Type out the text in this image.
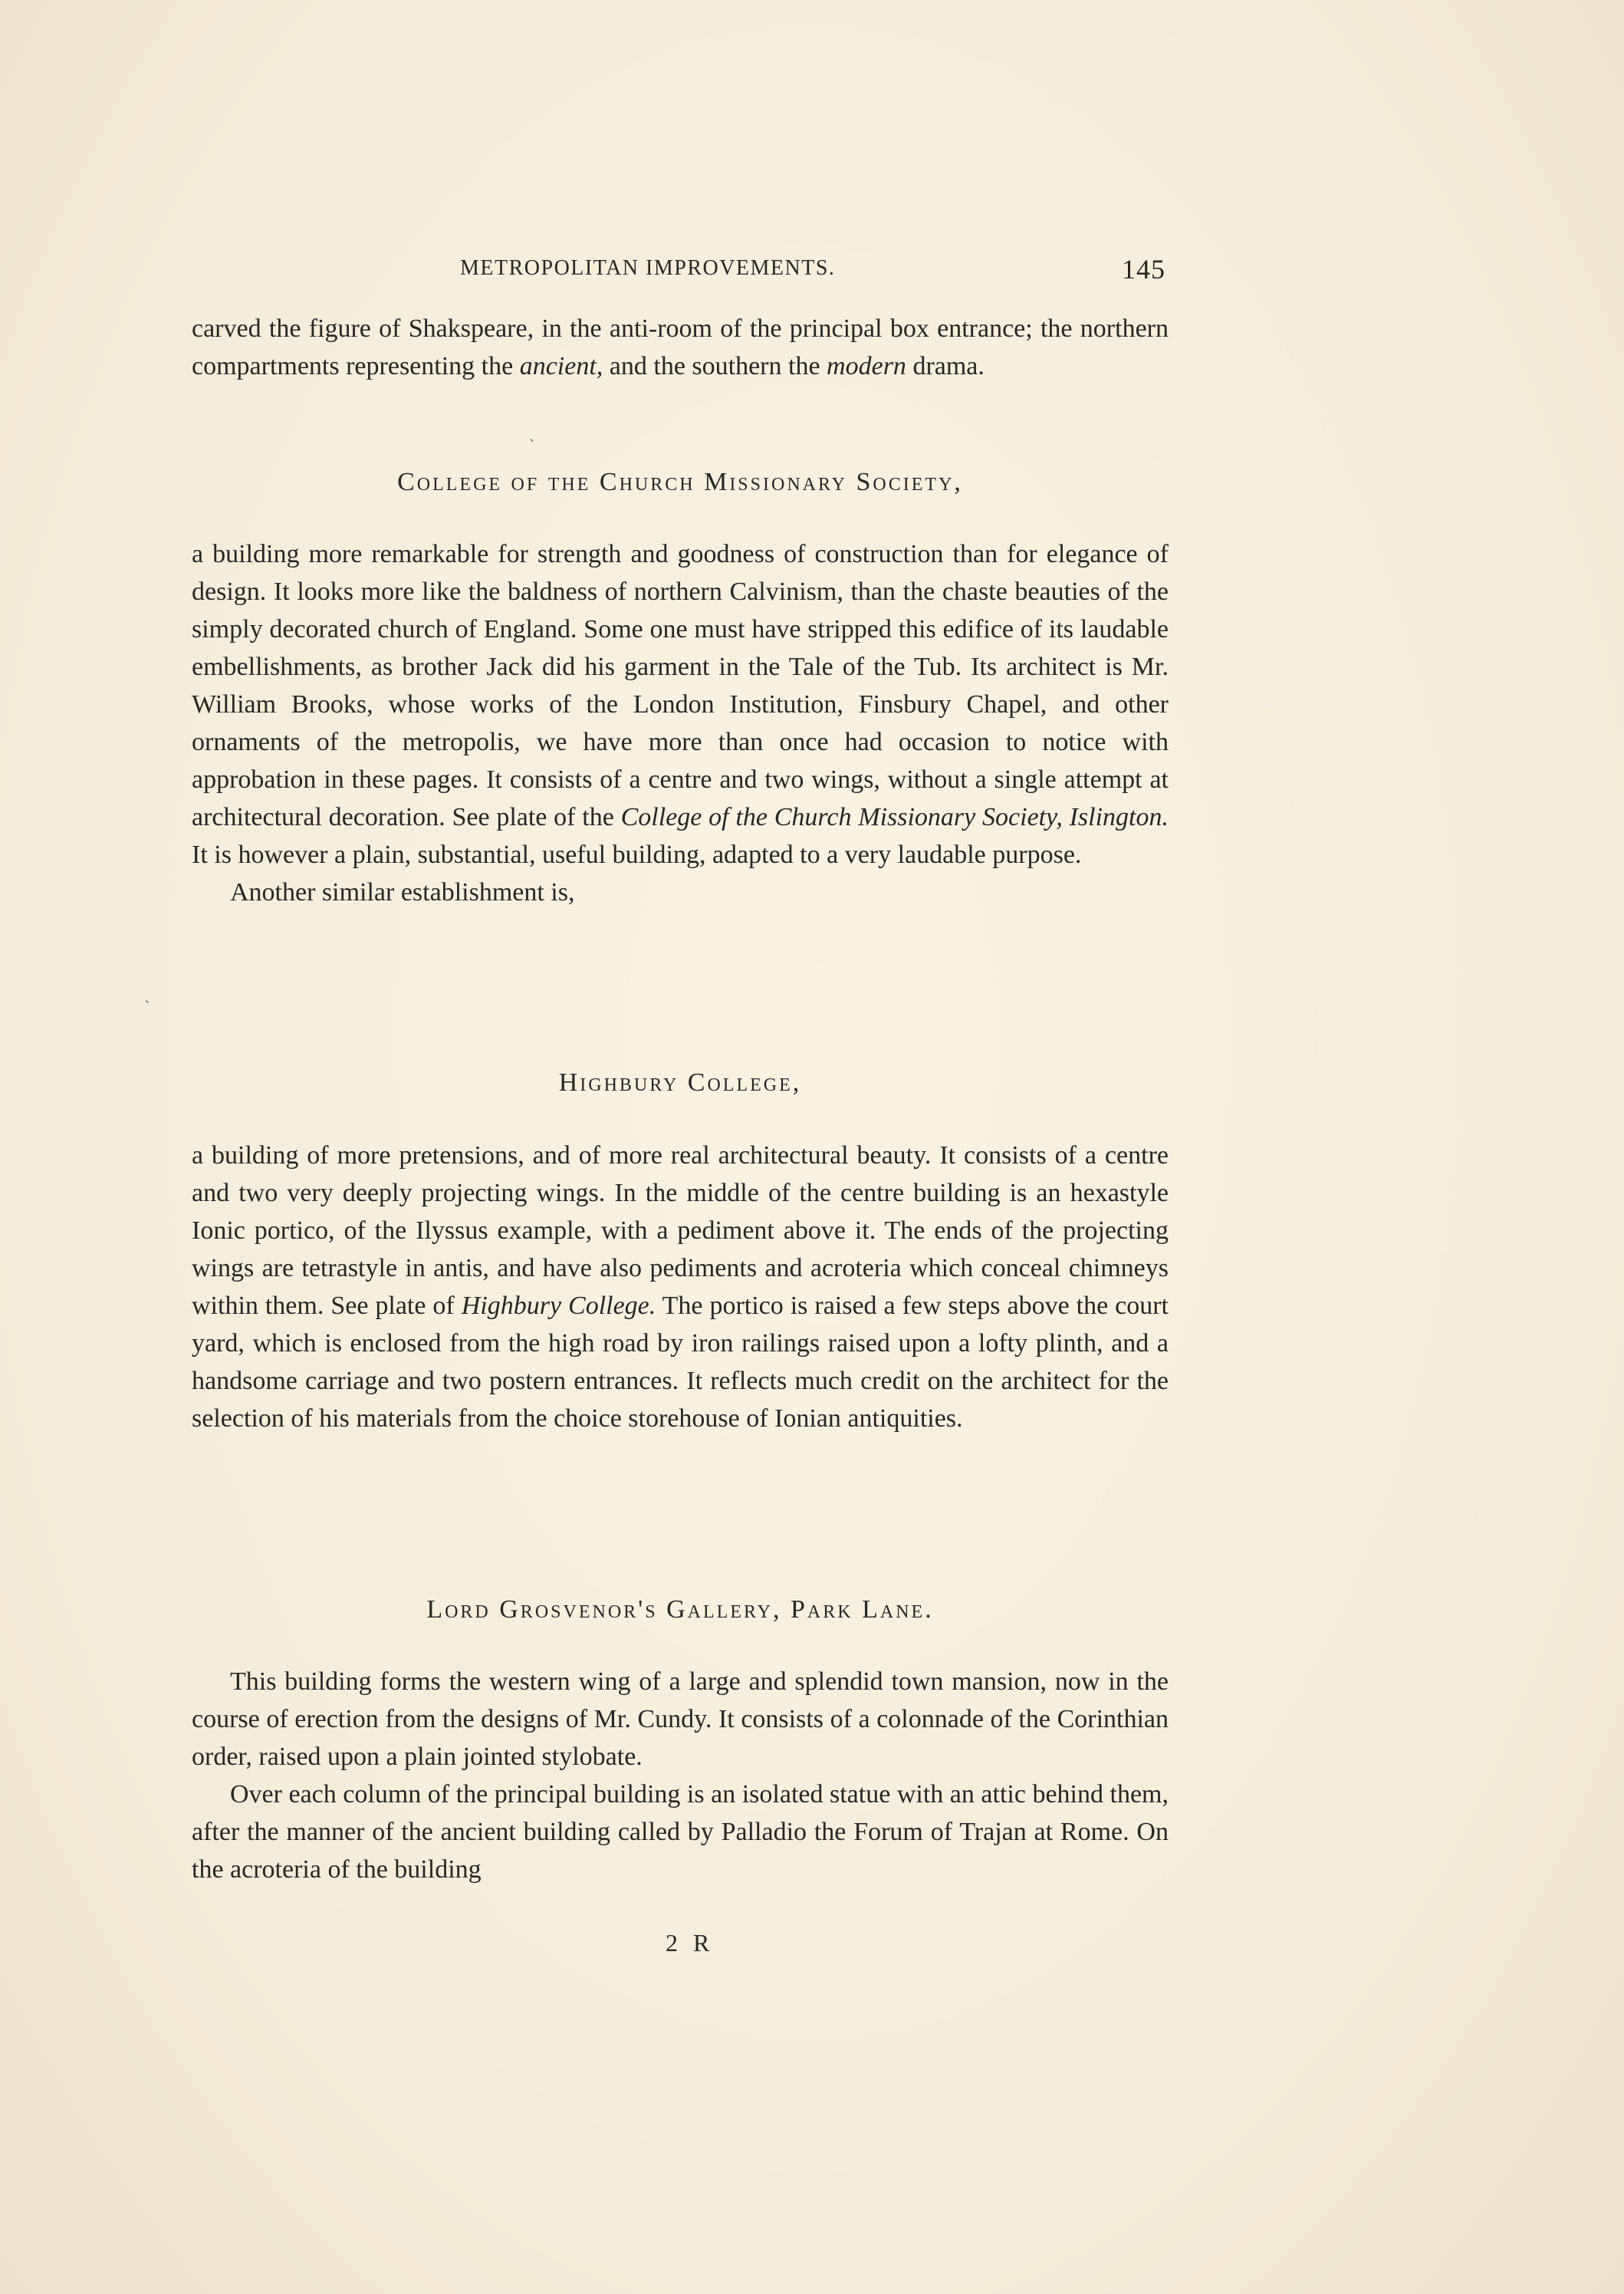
METROPOLITAN IMPROVEMENTS.	145

carved the figure of Shakspeare, in the anti-room of the principal box entrance; the northern compartments representing the ancient, and the southern the modern drama.

College of the Church Missionary Society,

a building more remarkable for strength and goodness of construction than for elegance of design. It looks more like the baldness of northern Calvinism, than the chaste beauties of the simply decorated church of England. Some one must have stripped this edifice of its laudable embellishments, as brother Jack did his garment in the Tale of the Tub. Its architect is Mr. William Brooks, whose works of the London Institution, Finsbury Chapel, and other ornaments of the metropolis, we have more than once had occasion to notice with approbation in these pages. It consists of a centre and two wings, without a single attempt at architectural decoration. See plate of the College of the Church Missionary Society, Islington. It is however a plain, substantial, useful building, adapted to a very laudable purpose.

Another similar establishment is,

Highbury College,

a building of more pretensions, and of more real architectural beauty. It consists of a centre and two very deeply projecting wings. In the middle of the centre building is an hexastyle Ionic portico, of the Ilyssus example, with a pediment above it. The ends of the projecting wings are tetrastyle in antis, and have also pediments and acroteria which conceal chimneys within them. See plate of Highbury College. The portico is raised a few steps above the court yard, which is enclosed from the high road by iron railings raised upon a lofty plinth, and a handsome carriage and two postern entrances. It reflects much credit on the architect for the selection of his materials from the choice storehouse of Ionian antiquities.

Lord Grosvenor's Gallery, Park Lane.

This building forms the western wing of a large and splendid town mansion, now in the course of erection from the designs of Mr. Cundy. It consists of a colonnade of the Corinthian order, raised upon a plain jointed stylobate.

Over each column of the principal building is an isolated statue with an attic behind them, after the manner of the ancient building called by Palladio the Forum of Trajan at Rome. On the acroteria of the building

2 R
`
`
